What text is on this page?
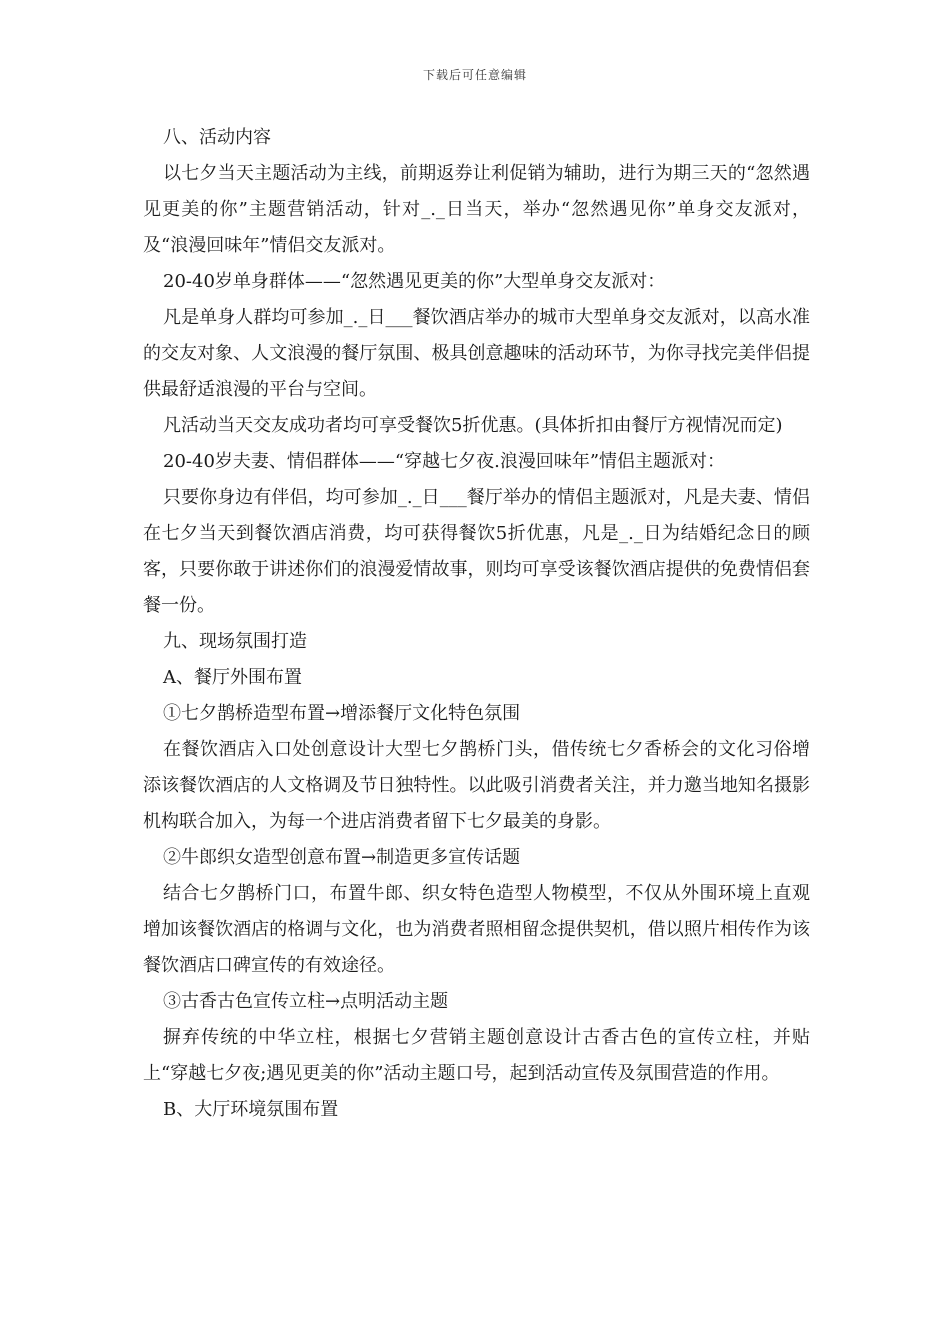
下载后可任意编辑

八、活动内容

以七夕当天主题活动为主线，前期返券让利促销为辅助，进行为期三天的“忽然遇见更美的你”主题营销活动，针对_._日当天，举办“忽然遇见你”单身交友派对，及“浪漫回味年”情侣交友派对。

20-40岁单身群体——“忽然遇见更美的你”大型单身交友派对：

凡是单身人群均可参加_._日___餐饮酒店举办的城市大型单身交友派对，以高水准的交友对象、人文浪漫的餐厅氛围、极具创意趣味的活动环节，为你寻找完美伴侣提供最舒适浪漫的平台与空间。

凡活动当天交友成功者均可享受餐饮5折优惠。(具体折扣由餐厅方视情况而定)

20-40岁夫妻、情侣群体——“穿越七夕夜.浪漫回味年”情侣主题派对：

只要你身边有伴侣，均可参加_._日___餐厅举办的情侣主题派对，凡是夫妻、情侣在七夕当天到餐饮酒店消费，均可获得餐饮5折优惠，凡是_._日为结婚纪念日的顾客，只要你敢于讲述你们的浪漫爱情故事，则均可享受该餐饮酒店提供的免费情侣套餐一份。

九、现场氛围打造

A、餐厅外围布置

①七夕鹊桥造型布置→增添餐厅文化特色氛围

在餐饮酒店入口处创意设计大型七夕鹊桥门头，借传统七夕香桥会的文化习俗增添该餐饮酒店的人文格调及节日独特性。以此吸引消费者关注，并力邀当地知名摄影机构联合加入，为每一个进店消费者留下七夕最美的身影。

②牛郎织女造型创意布置→制造更多宣传话题

结合七夕鹊桥门口，布置牛郎、织女特色造型人物模型，不仅从外围环境上直观增加该餐饮酒店的格调与文化，也为消费者照相留念提供契机，借以照片相传作为该餐饮酒店口碑宣传的有效途径。

③古香古色宣传立柱→点明活动主题

摒弃传统的中华立柱，根据七夕营销主题创意设计古香古色的宣传立柱，并贴上“穿越七夕夜;遇见更美的你”活动主题口号，起到活动宣传及氛围营造的作用。

B、大厅环境氛围布置
